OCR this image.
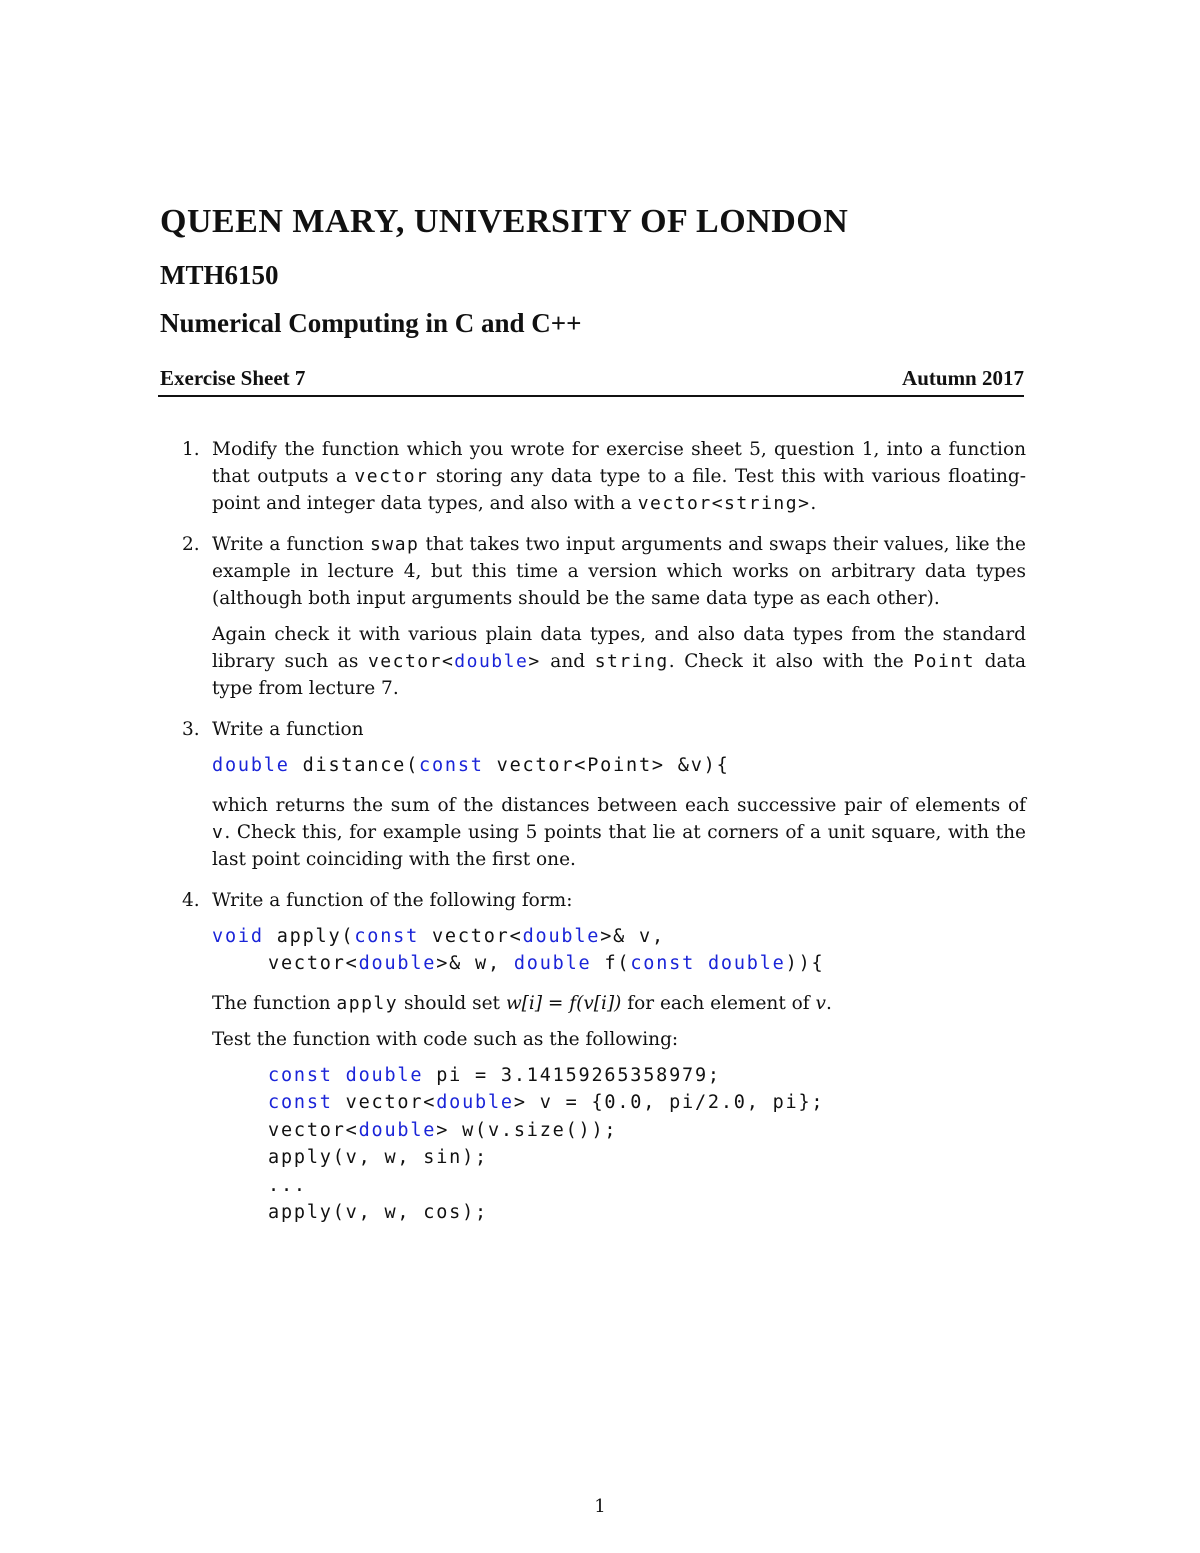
QUEEN MARY, UNIVERSITY OF LONDON
MTH6150
Numerical Computing in C and C++
Exercise Sheet 7	Autumn 2017
1. Modify the function which you wrote for exercise sheet 5, question 1, into a function that outputs a vector storing any data type to a file. Test this with various floating-point and integer data types, and also with a vector<string>.

2. Write a function swap that takes two input arguments and swaps their values, like the example in lecture 4, but this time a version which works on arbitrary data types (although both input arguments should be the same data type as each other).

Again check it with various plain data types, and also data types from the standard library such as vector<double> and string. Check it also with the Point data type from lecture 7.

3. Write a function

double distance(const vector<Point> &v){

which returns the sum of the distances between each successive pair of elements of v. Check this, for example using 5 points that lie at corners of a unit square, with the last point coinciding with the first one.

4. Write a function of the following form:

void apply(const vector<double>& v,
vector<double>& w, double f(const double)){

The function apply should set w[i] = f(v[i]) for each element of v.

Test the function with code such as the following:

const double pi = 3.14159265358979;
const vector<double> v = {0.0, pi/2.0, pi};
vector<double> w(v.size());
apply(v, w, sin);
...
apply(v, w, cos);
1
